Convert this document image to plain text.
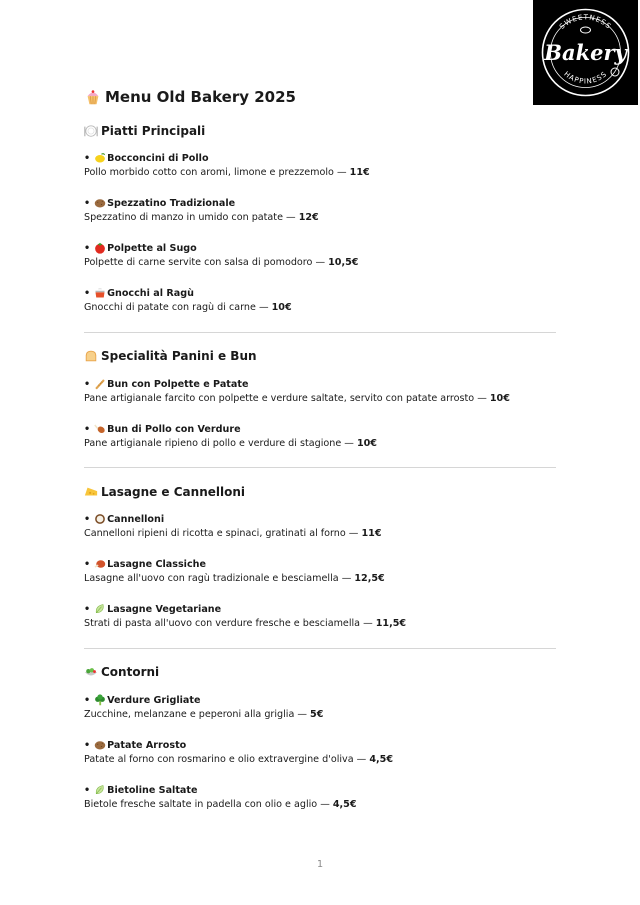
SWEETNESS
Bakery
HAPPINESS
Menu Old Bakery 2025
Piatti Principali
• Bocconcini di Pollo
Pollo morbido cotto con aromi, limone e prezzemolo — 11€
• Spezzatino Tradizionale
Spezzatino di manzo in umido con patate — 12€
• Polpette al Sugo
Polpette di carne servite con salsa di pomodoro — 10,5€
• Gnocchi al Ragù
Gnocchi di patate con ragù di carne — 10€
Specialità Panini e Bun
• Bun con Polpette e Patate
Pane artigianale farcito con polpette e verdure saltate, servito con patate arrosto — 10€
• Bun di Pollo con Verdure
Pane artigianale ripieno di pollo e verdure di stagione — 10€
Lasagne e Cannelloni
• Cannelloni
Cannelloni ripieni di ricotta e spinaci, gratinati al forno — 11€
• Lasagne Classiche
Lasagne all'uovo con ragù tradizionale e besciamella — 12,5€
• Lasagne Vegetariane
Strati di pasta all'uovo con verdure fresche e besciamella — 11,5€
Contorni
• Verdure Grigliate
Zucchine, melanzane e peperoni alla griglia — 5€
• Patate Arrosto
Patate al forno con rosmarino e olio extravergine d'oliva — 4,5€
• Bietoline Saltate
Bietole fresche saltate in padella con olio e aglio — 4,5€
1
